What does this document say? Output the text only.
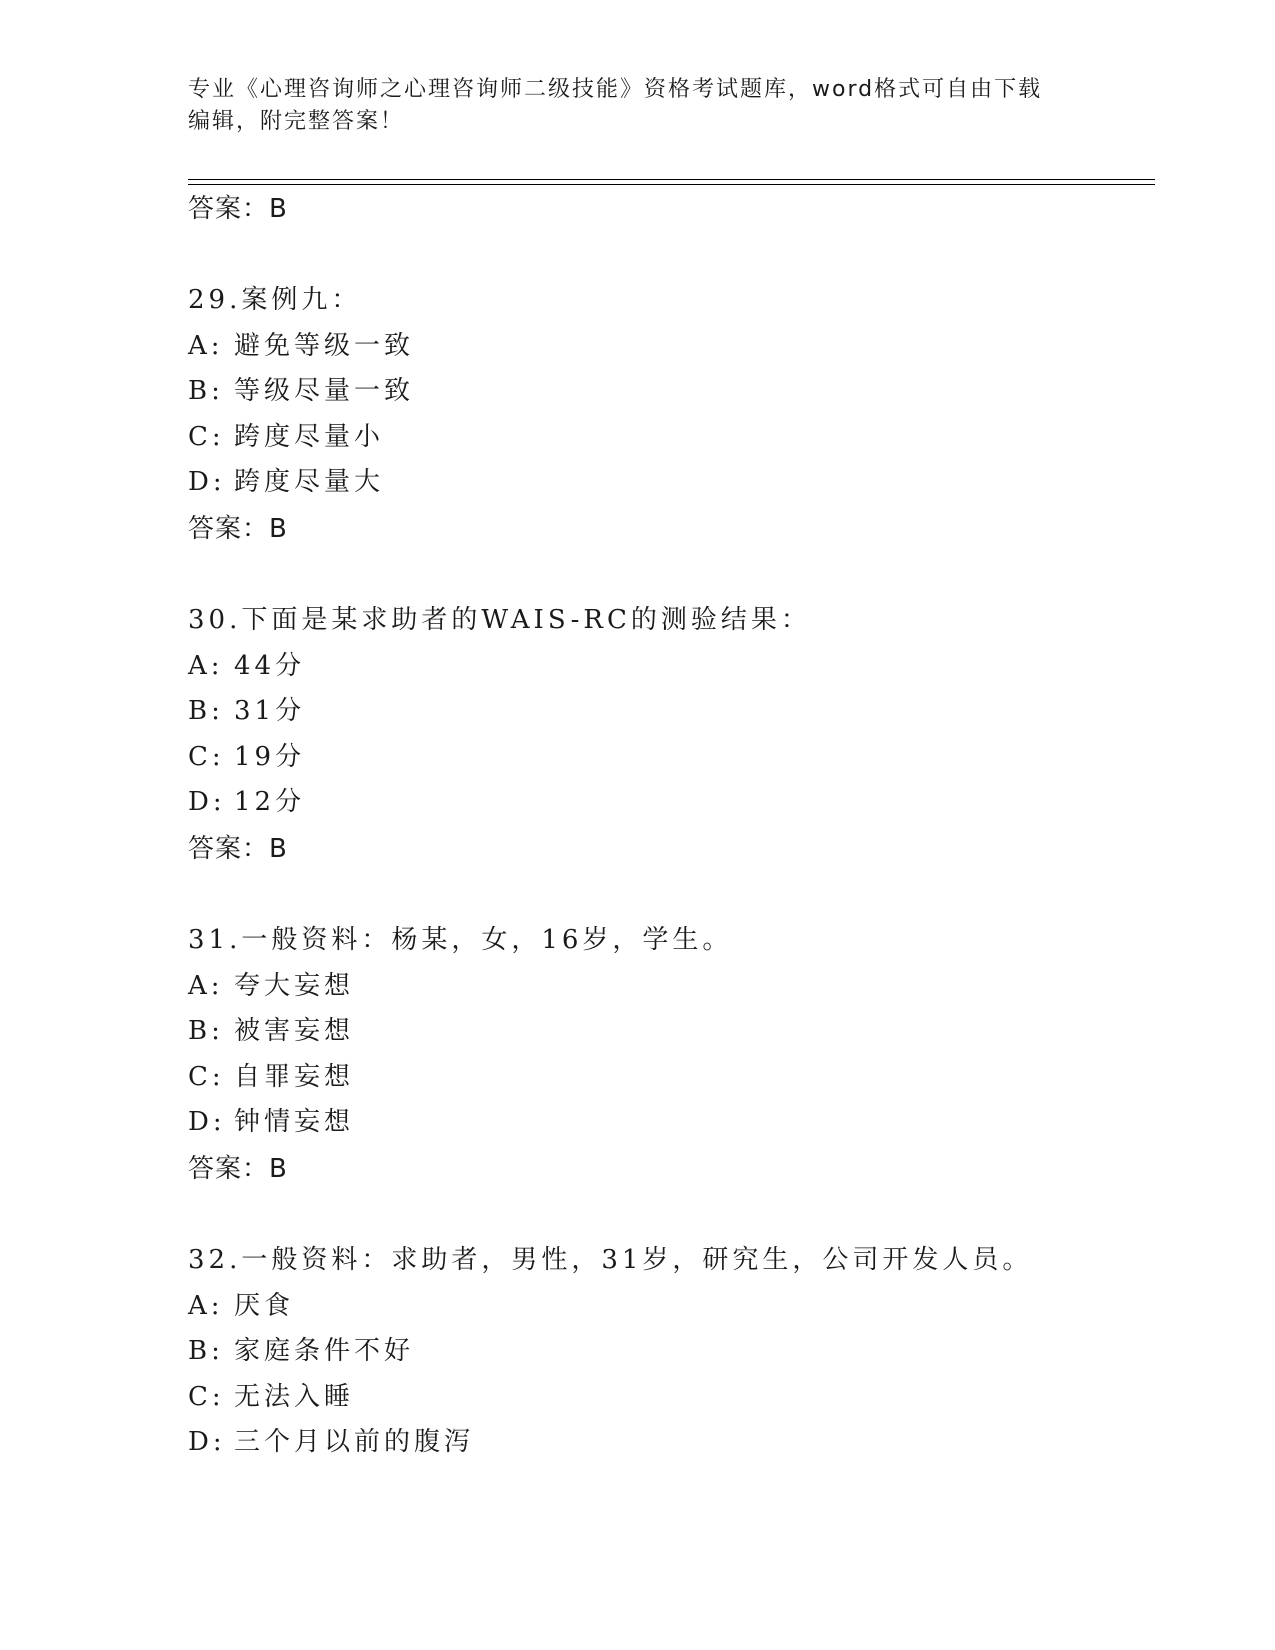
专业《心理咨询师之心理咨询师二级技能》资格考试题库，word格式可自由下载
编辑，附完整答案！
答案：B
29.案例九：
A: 避免等级一致
B: 等级尽量一致
C: 跨度尽量小
D: 跨度尽量大
答案：B
30.下面是某求助者的WAIS-RC的测验结果：
A: 44分
B: 31分
C: 19分
D: 12分
答案：B
31.一般资料：杨某，女，16岁，学生。
A: 夸大妄想
B: 被害妄想
C: 自罪妄想
D: 钟情妄想
答案：B
32.一般资料：求助者，男性，31岁，研究生，公司开发人员。
A: 厌食
B: 家庭条件不好
C: 无法入睡
D: 三个月以前的腹泻
